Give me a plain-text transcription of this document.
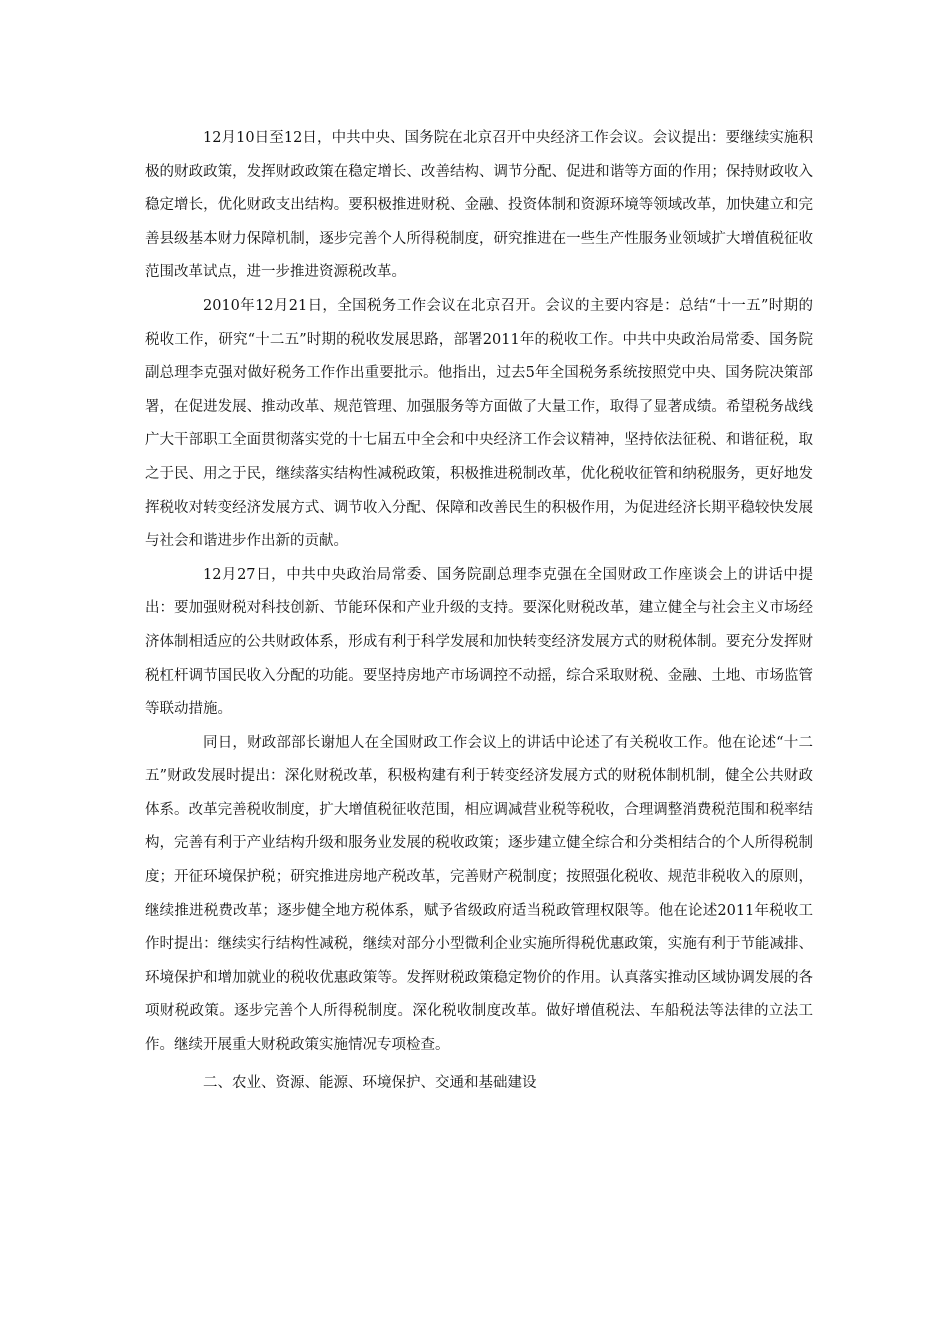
12月10日至12日，中共中央、国务院在北京召开中央经济工作会议。会议提出：要继续实施积极的财政政策，发挥财政政策在稳定增长、改善结构、调节分配、促进和谐等方面的作用；保持财政收入稳定增长，优化财政支出结构。要积极推进财税、金融、投资体制和资源环境等领域改革，加快建立和完善县级基本财力保障机制，逐步完善个人所得税制度，研究推进在一些生产性服务业领域扩大增值税征收范围改革试点，进一步推进资源税改革。

2010年12月21日，全国税务工作会议在北京召开。会议的主要内容是：总结“十一五”时期的税收工作，研究“十二五”时期的税收发展思路，部署2011年的税收工作。中共中央政治局常委、国务院副总理李克强对做好税务工作作出重要批示。他指出，过去5年全国税务系统按照党中央、国务院决策部署，在促进发展、推动改革、规范管理、加强服务等方面做了大量工作，取得了显著成绩。希望税务战线广大干部职工全面贯彻落实党的十七届五中全会和中央经济工作会议精神，坚持依法征税、和谐征税，取之于民、用之于民，继续落实结构性减税政策，积极推进税制改革，优化税收征管和纳税服务，更好地发挥税收对转变经济发展方式、调节收入分配、保障和改善民生的积极作用，为促进经济长期平稳较快发展与社会和谐进步作出新的贡献。

12月27日，中共中央政治局常委、国务院副总理李克强在全国财政工作座谈会上的讲话中提出：要加强财税对科技创新、节能环保和产业升级的支持。要深化财税改革，建立健全与社会主义市场经济体制相适应的公共财政体系，形成有利于科学发展和加快转变经济发展方式的财税体制。要充分发挥财税杠杆调节国民收入分配的功能。要坚持房地产市场调控不动摇，综合采取财税、金融、土地、市场监管等联动措施。

同日，财政部部长谢旭人在全国财政工作会议上的讲话中论述了有关税收工作。他在论述“十二五”财政发展时提出：深化财税改革，积极构建有利于转变经济发展方式的财税体制机制，健全公共财政体系。改革完善税收制度，扩大增值税征收范围，相应调减营业税等税收，合理调整消费税范围和税率结构，完善有利于产业结构升级和服务业发展的税收政策；逐步建立健全综合和分类相结合的个人所得税制度；开征环境保护税；研究推进房地产税改革，完善财产税制度；按照强化税收、规范非税收入的原则，继续推进税费改革；逐步健全地方税体系，赋予省级政府适当税政管理权限等。他在论述2011年税收工作时提出：继续实行结构性减税，继续对部分小型微利企业实施所得税优惠政策，实施有利于节能减排、环境保护和增加就业的税收优惠政策等。发挥财税政策稳定物价的作用。认真落实推动区域协调发展的各项财税政策。逐步完善个人所得税制度。深化税收制度改革。做好增值税法、车船税法等法律的立法工作。继续开展重大财税政策实施情况专项检查。

二、农业、资源、能源、环境保护、交通和基础建设
